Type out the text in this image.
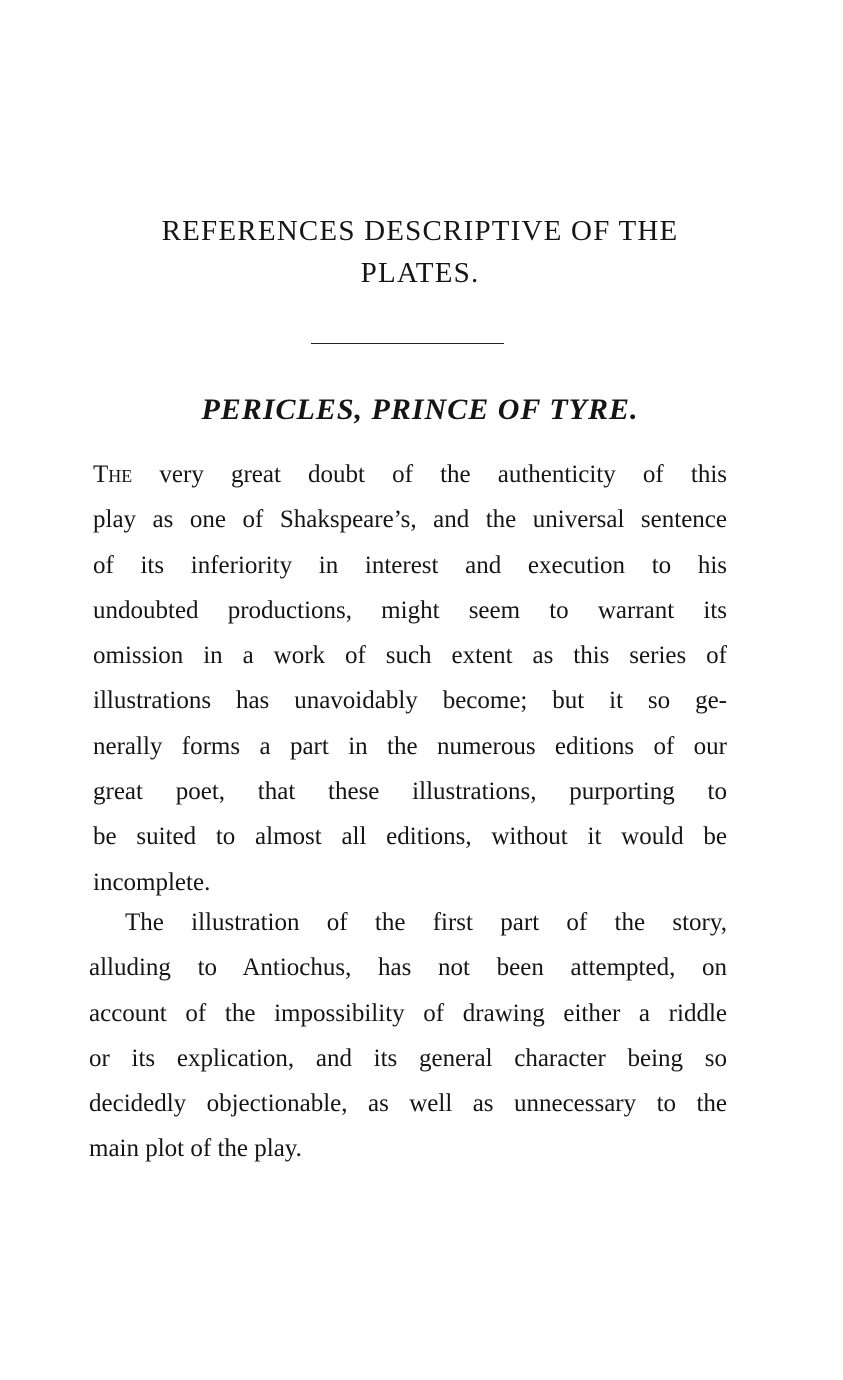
REFERENCES DESCRIPTIVE OF THE
PLATES.
PERICLES, PRINCE OF TYRE.

The very great doubt of the authenticity of this
play as one of Shakspeare’s, and the universal sentence
of its inferiority in interest and execution to his
undoubted productions, might seem to warrant its
omission in a work of such extent as this series of
illustrations has unavoidably become; but it so ge-
nerally forms a part in the numerous editions of our
great poet, that these illustrations, purporting to
be suited to almost all editions, without it would be
incomplete.

The illustration of the first part of the story,
alluding to Antiochus, has not been attempted, on
account of the impossibility of drawing either a riddle
or its explication, and its general character being so
decidedly objectionable, as well as unnecessary to the
main plot of the play.
